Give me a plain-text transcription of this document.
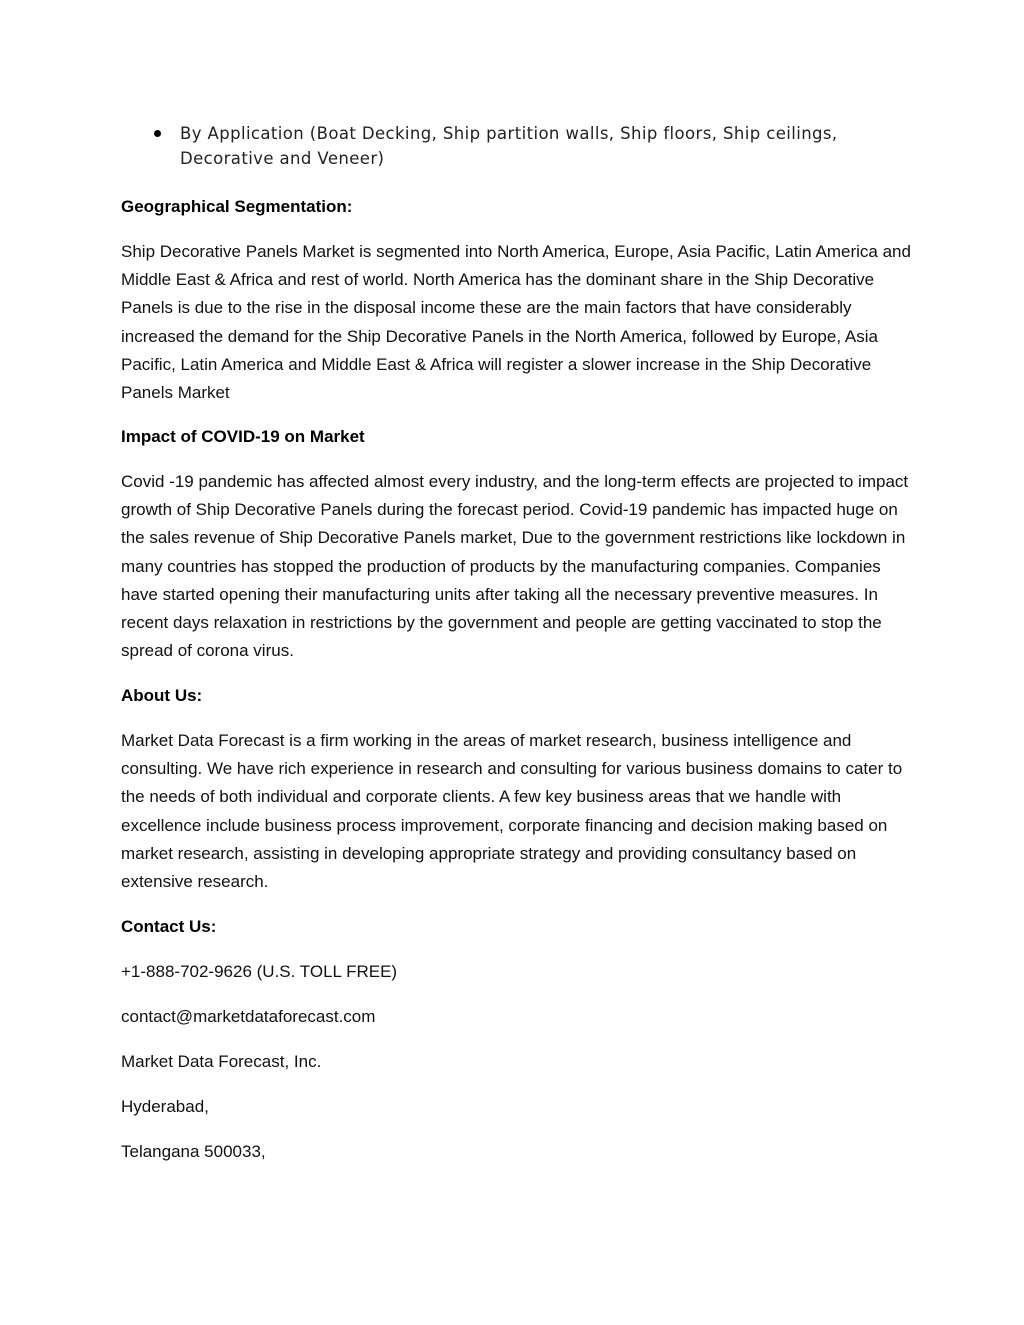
By Application (Boat Decking, Ship partition walls, Ship floors, Ship ceilings, Decorative and Veneer)

Geographical Segmentation:

Ship Decorative Panels Market is segmented into North America, Europe, Asia Pacific, Latin America and Middle East & Africa and rest of world. North America has the dominant share in the Ship Decorative Panels is due to the rise in the disposal income these are the main factors that have considerably increased the demand for the Ship Decorative Panels in the North America, followed by Europe, Asia Pacific, Latin America and Middle East & Africa will register a slower increase in the Ship Decorative Panels Market

Impact of COVID-19 on Market

Covid -19 pandemic has affected almost every industry, and the long-term effects are projected to impact growth of Ship Decorative Panels during the forecast period. Covid-19 pandemic has impacted huge on the sales revenue of Ship Decorative Panels market, Due to the government restrictions like lockdown in many countries has stopped the production of products by the manufacturing companies. Companies have started opening their manufacturing units after taking all the necessary preventive measures. In recent days relaxation in restrictions by the government and people are getting vaccinated to stop the spread of corona virus.

About Us:

Market Data Forecast is a firm working in the areas of market research, business intelligence and consulting. We have rich experience in research and consulting for various business domains to cater to the needs of both individual and corporate clients. A few key business areas that we handle with excellence include business process improvement, corporate financing and decision making based on market research, assisting in developing appropriate strategy and providing consultancy based on extensive research.

Contact Us:

+1-888-702-9626 (U.S. TOLL FREE)

contact@marketdataforecast.com

Market Data Forecast, Inc.

Hyderabad,

Telangana 500033,
